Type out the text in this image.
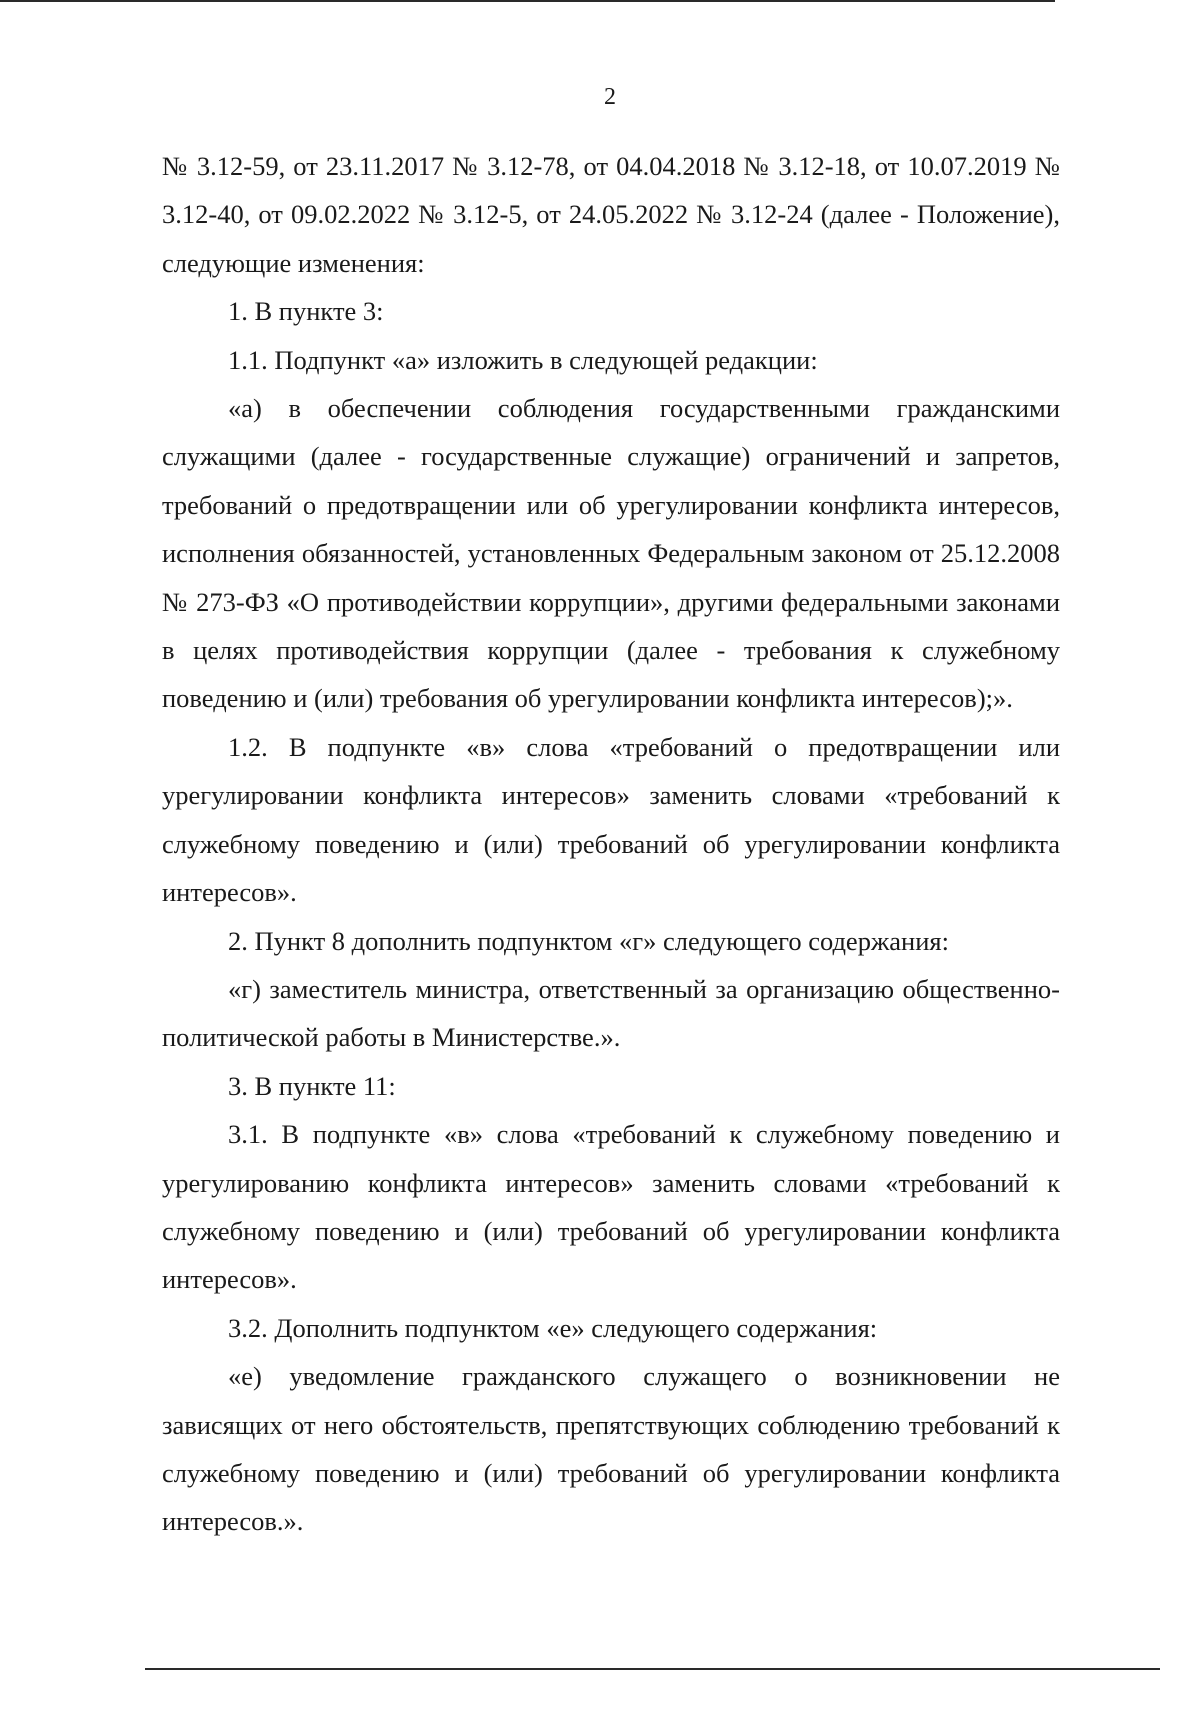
2

№ 3.12-59, от 23.11.2017 № 3.12-78, от 04.04.2018 № 3.12-18, от 10.07.2019 № 3.12-40, от 09.02.2022 № 3.12-5, от 24.05.2022 № 3.12-24 (далее - Положение), следующие изменения:

1. В пункте 3:

1.1. Подпункт «а» изложить в следующей редакции:

«а) в обеспечении соблюдения государственными гражданскими служащими (далее - государственные служащие) ограничений и запретов, требований о предотвращении или об урегулировании конфликта интересов, исполнения обязанностей, установленных Федеральным законом от 25.12.2008 № 273-ФЗ «О противодействии коррупции», другими федеральными законами в целях противодействия коррупции (далее - требования к служебному поведению и (или) требования об урегулировании конфликта интересов);».

1.2. В подпункте «в» слова «требований о предотвращении или урегулировании конфликта интересов» заменить словами «требований к служебному поведению и (или) требований об урегулировании конфликта интересов».

2. Пункт 8 дополнить подпунктом «г» следующего содержания:

«г) заместитель министра, ответственный за организацию общественно-политической работы в Министерстве.».

3. В пункте 11:

3.1. В подпункте «в» слова «требований к служебному поведению и урегулированию конфликта интересов» заменить словами «требований к служебному поведению и (или) требований об урегулировании конфликта интересов».

3.2. Дополнить подпунктом «е» следующего содержания:

«е) уведомление гражданского служащего о возникновении не зависящих от него обстоятельств, препятствующих соблюдению требований к служебному поведению и (или) требований об урегулировании конфликта интересов.».
